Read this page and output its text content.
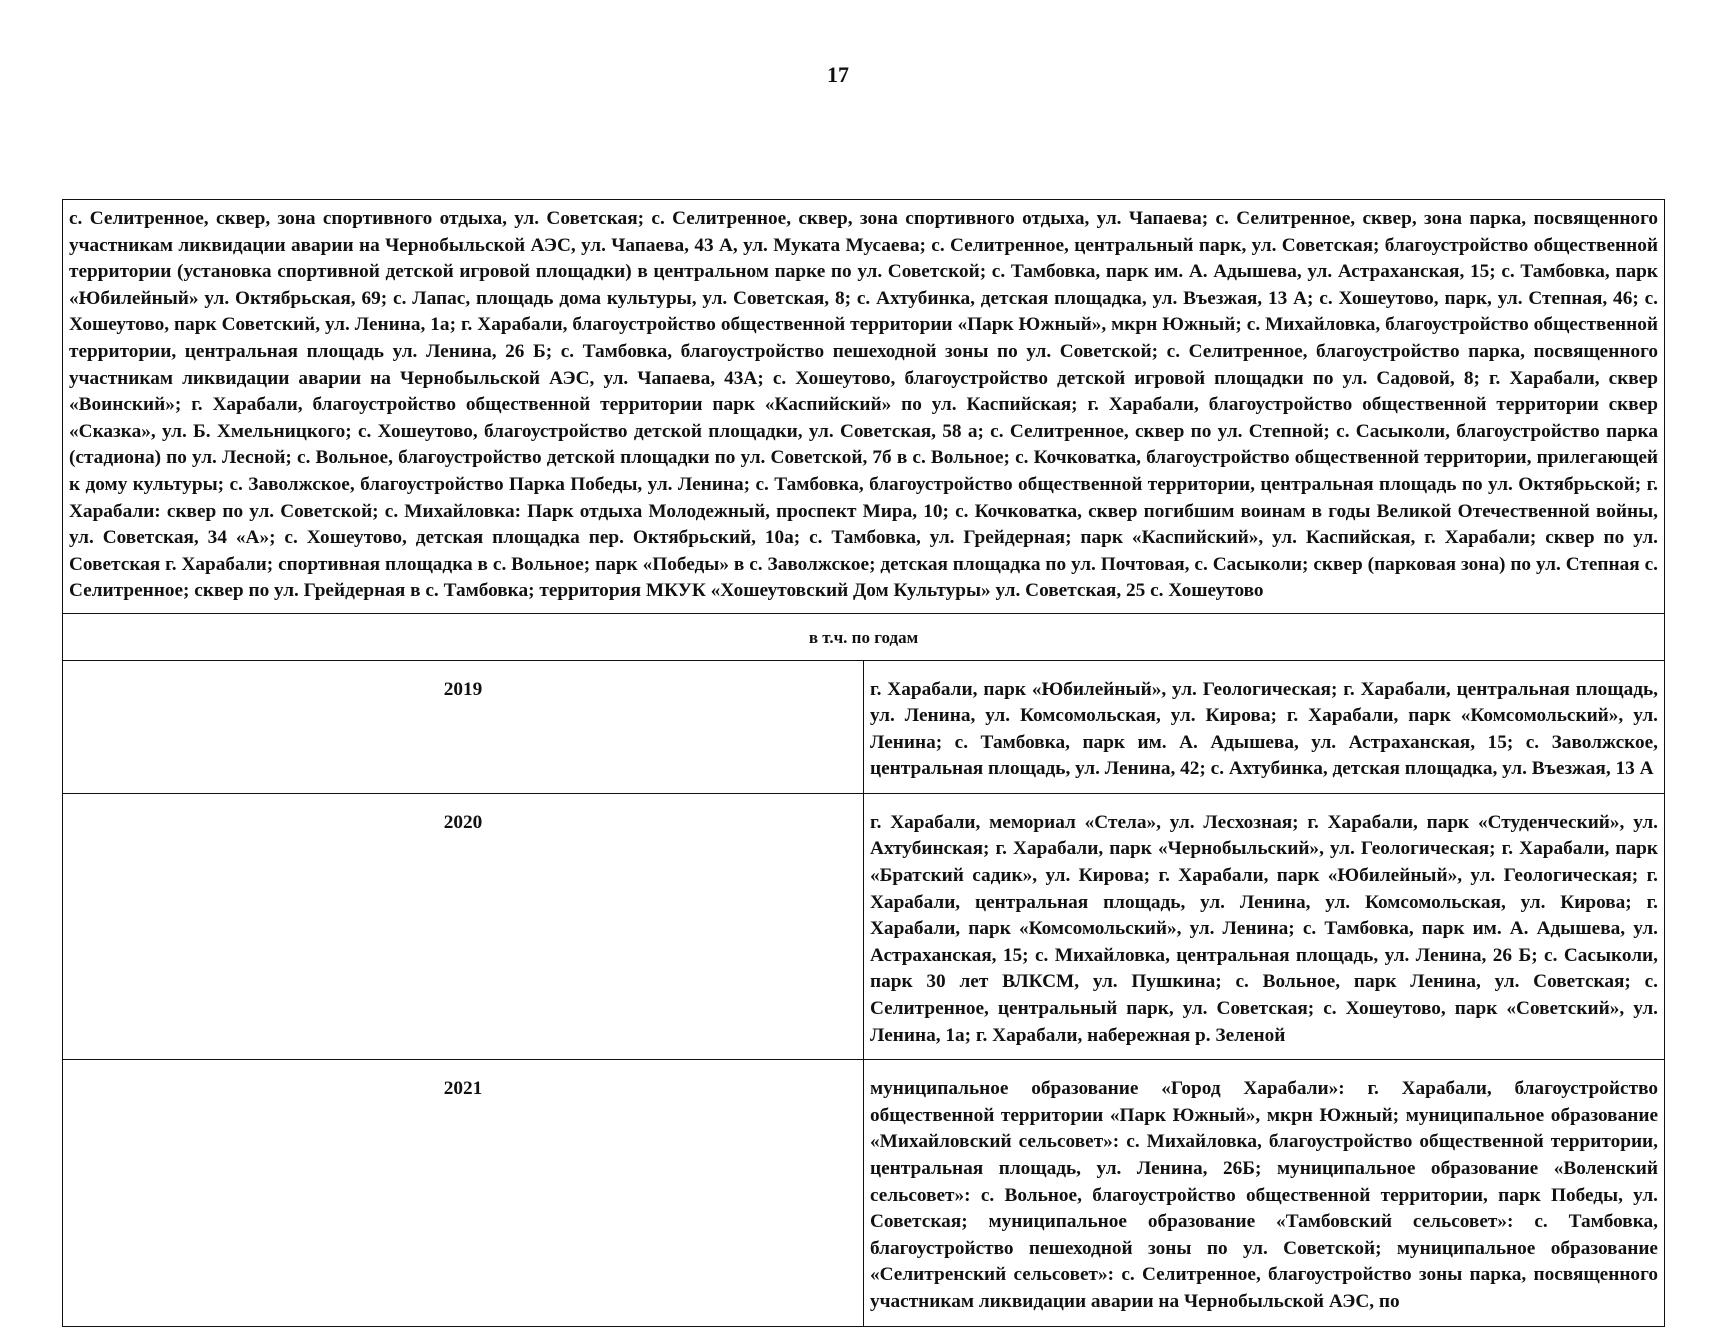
17
с. Селитренное, сквер, зона спортивного отдыха, ул. Советская; с. Селитренное, сквер, зона спортивного отдыха, ул. Чапаева; с. Селитренное, сквер, зона парка, посвященного участникам ликвидации аварии на Чернобыльской АЭС, ул. Чапаева, 43 А, ул. Муката Мусаева; с. Селитренное, центральный парк, ул. Советская; благоустройство общественной территории (установка спортивной детской игровой площадки) в центральном парке по ул. Советской; с. Тамбовка, парк им. А. Адышева, ул. Астраханская, 15; с. Тамбовка, парк «Юбилейный» ул. Октябрьская, 69; с. Лапас, площадь дома культуры, ул. Советская, 8; с. Ахтубинка, детская площадка, ул. Въезжая, 13 А; с. Хошеутово, парк, ул. Степная, 46; с. Хошеутово, парк Советский, ул. Ленина, 1а; г. Харабали, благоустройство общественной территории «Парк Южный», мкрн Южный; с. Михайловка, благоустройство общественной территории, центральная площадь ул. Ленина, 26 Б; с. Тамбовка, благоустройство пешеходной зоны по ул. Советской; с. Селитренное, благоустройство парка, посвященного участникам ликвидации аварии на Чернобыльской АЭС, ул. Чапаева, 43А; с. Хошеутово, благоустройство детской игровой площадки по ул. Садовой, 8; г. Харабали, сквер «Воинский»; г. Харабали, благоустройство общественной территории парк «Каспийский» по ул. Каспийская; г. Харабали, благоустройство общественной территории сквер «Сказка», ул. Б. Хмельницкого; с. Хошеутово, благоустройство детской площадки, ул. Советская, 58 а; с. Селитренное, сквер по ул. Степной; с. Сасыколи, благоустройство парка (стадиона) по ул. Лесной; с. Вольное, благоустройство детской площадки по ул. Советской, 7б в с. Вольное; с. Кочковатка, благоустройство общественной территории, прилегающей к дому культуры; с. Заволжское, благоустройство Парка Победы, ул. Ленина; с. Тамбовка, благоустройство общественной территории, центральная площадь по ул. Октябрьской; г. Харабали: сквер по ул. Советской; с. Михайловка: Парк отдыха Молодежный, проспект Мира, 10; с. Кочковатка, сквер погибшим воинам в годы Великой Отечественной войны, ул. Советская, 34 «А»; с. Хошеутово, детская площадка пер. Октябрьский, 10а; с. Тамбовка, ул. Грейдерная; парк «Каспийский», ул. Каспийская, г. Харабали; сквер по ул. Советская г. Харабали; спортивная площадка в с. Вольное; парк «Победы» в с. Заволжское; детская площадка по ул. Почтовая, с. Сасыколи; сквер (парковая зона) по ул. Степная с. Селитренное; сквер по ул. Грейдерная в с. Тамбовка; территория МКУК «Хошеутовский Дом Культуры» ул. Советская, 25 с. Хошеутово	
в т.ч. по годам	
2019	г. Харабали, парк «Юбилейный», ул. Геологическая; г. Харабали, центральная площадь, ул. Ленина, ул. Комсомольская, ул. Кирова; г. Харабали, парк «Комсомольский», ул. Ленина; с. Тамбовка, парк им. А. Адышева, ул. Астраханская, 15; с. Заволжское, центральная площадь, ул. Ленина, 42; с. Ахтубинка, детская площадка, ул. Въезжая, 13 А
2020	г. Харабали, мемориал «Стела», ул. Лесхозная; г. Харабали, парк «Студенческий», ул. Ахтубинская; г. Харабали, парк «Чернобыльский», ул. Геологическая; г. Харабали, парк «Братский садик», ул. Кирова; г. Харабали, парк «Юбилейный», ул. Геологическая; г. Харабали, центральная площадь, ул. Ленина, ул. Комсомольская, ул. Кирова; г. Харабали, парк «Комсомольский», ул. Ленина; с. Тамбовка, парк им. А. Адышева, ул. Астраханская, 15; с. Михайловка, центральная площадь, ул. Ленина, 26 Б; с. Сасыколи, парк 30 лет ВЛКСМ, ул. Пушкина; с. Вольное, парк Ленина, ул. Советская; с. Селитренное, центральный парк, ул. Советская; с. Хошеутово, парк «Советский», ул. Ленина, 1а; г. Харабали, набережная р. Зеленой
2021	муниципальное образование «Город Харабали»: г. Харабали, благоустройство общественной территории «Парк Южный», мкрн Южный; муниципальное образование «Михайловский сельсовет»: с. Михайловка, благоустройство общественной территории, центральная площадь, ул. Ленина, 26Б; муниципальное образование «Воленский сельсовет»: с. Вольное, благоустройство общественной территории, парк Победы, ул. Советская; муниципальное образование «Тамбовский сельсовет»: с. Тамбовка, благоустройство пешеходной зоны по ул. Советской; муниципальное образование «Селитренский сельсовет»: с. Селитренное, благоустройство зоны парка, посвященного участникам ликвидации аварии на Чернобыльской АЭС, по
